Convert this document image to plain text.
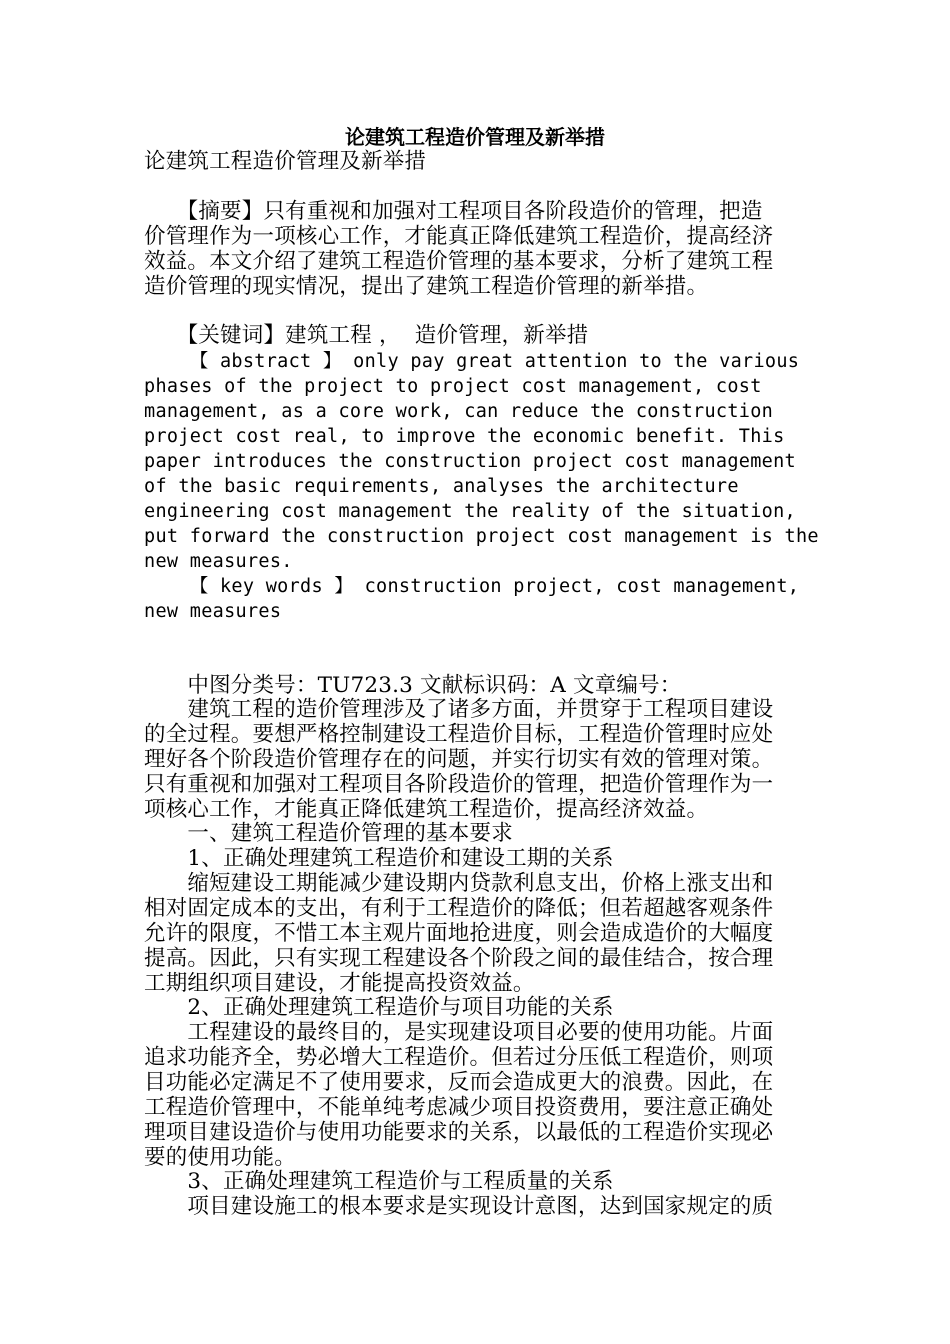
论建筑工程造价管理及新举措
论建筑工程造价管理及新举措
　　【摘要】只有重视和加强对工程项目各阶段造价的管理，把造
价管理作为一项核心工作，才能真正降低建筑工程造价，提高经济
效益。本文介绍了建筑工程造价管理的基本要求，分析了建筑工程
造价管理的现实情况，提出了建筑工程造价管理的新举措。
　　【关键词】建筑工程 ，  造价管理，新举措
【 abstract 】 only pay great attention to the various
phases of the project to project cost management, cost
management, as a core work, can reduce the construction
project cost real, to improve the economic benefit. This
paper introduces the construction project cost management
of the basic requirements, analyses the architecture
engineering cost management the reality of the situation,
put forward the construction project cost management is the
new measures.
【 key words 】 construction project, cost management,
new measures
　　中图分类号：TU723.3 文献标识码：A 文章编号：
　　建筑工程的造价管理涉及了诸多方面，并贯穿于工程项目建设
的全过程。要想严格控制建设工程造价目标，工程造价管理时应处
理好各个阶段造价管理存在的问题，并实行切实有效的管理对策。
只有重视和加强对工程项目各阶段造价的管理，把造价管理作为一
项核心工作，才能真正降低建筑工程造价，提高经济效益。
　　一、建筑工程造价管理的基本要求
　　1、正确处理建筑工程造价和建设工期的关系
　　缩短建设工期能减少建设期内贷款利息支出，价格上涨支出和
相对固定成本的支出，有利于工程造价的降低；但若超越客观条件
允许的限度，不惜工本主观片面地抢进度，则会造成造价的大幅度
提高。因此，只有实现工程建设各个阶段之间的最佳结合，按合理
工期组织项目建设，才能提高投资效益。
　　2、正确处理建筑工程造价与项目功能的关系
　　工程建设的最终目的，是实现建设项目必要的使用功能。片面
追求功能齐全，势必增大工程造价。但若过分压低工程造价，则项
目功能必定满足不了使用要求，反而会造成更大的浪费。因此，在
工程造价管理中，不能单纯考虑减少项目投资费用，要注意正确处
理项目建设造价与使用功能要求的关系，以最低的工程造价实现必
要的使用功能。
　　3、正确处理建筑工程造价与工程质量的关系
　　项目建设施工的根本要求是实现设计意图，达到国家规定的质
